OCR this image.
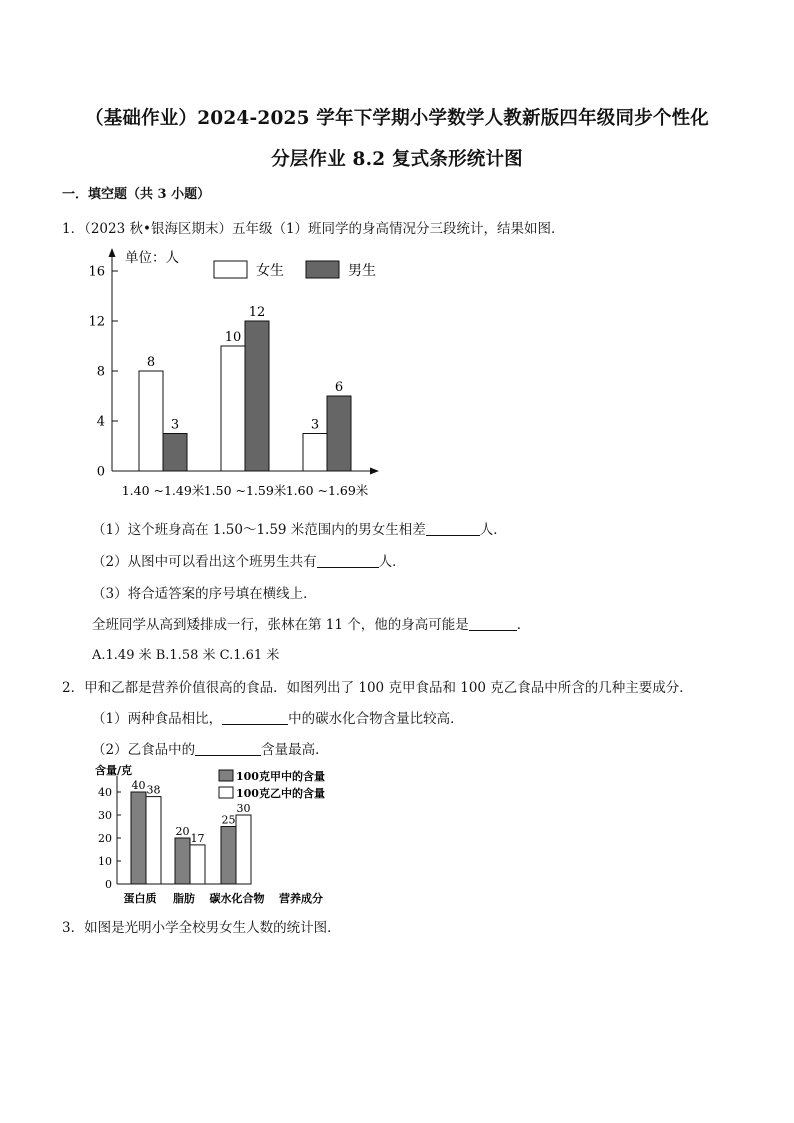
（基础作业）2024-2025 学年下学期小学数学人教新版四年级同步个性化
分层作业 8.2 复式条形统计图
一．填空题（共 3 小题）
1．（2023 秋•银海区期末）五年级（1）班同学的身高情况分三段统计，结果如图．
0
4
8
12
16
8
3
1.40 ~1.49米
10
12
1.50 ~1.59米
3
6
1.60 ~1.69米
单位：人
女生	男生
（1）这个班身高在 1.50～1.59 米范围内的男女生相差	人．
（2）从图中可以看出这个班男生共有	人．
（3）将合适答案的序号填在横线上．
全班同学从高到矮排成一行，张林在第 11 个，他的身高可能是	．
A.1.49 米 B.1.58 米 C.1.61 米
2．甲和乙都是营养价值很高的食品．如图列出了 100 克甲食品和 100 克乙食品中所含的几种主要成分．
（1）两种食品相比，	中的碳水化合物含量比较高．
（2）乙食品中的	含量最高．
含量/克
0
10
20
30
40
40 38
蛋白质
20
17
脂肪
25
30
碳水化合物 营养成分
100克甲中的含量
100克乙中的含量
3．如图是光明小学全校男女生人数的统计图．
